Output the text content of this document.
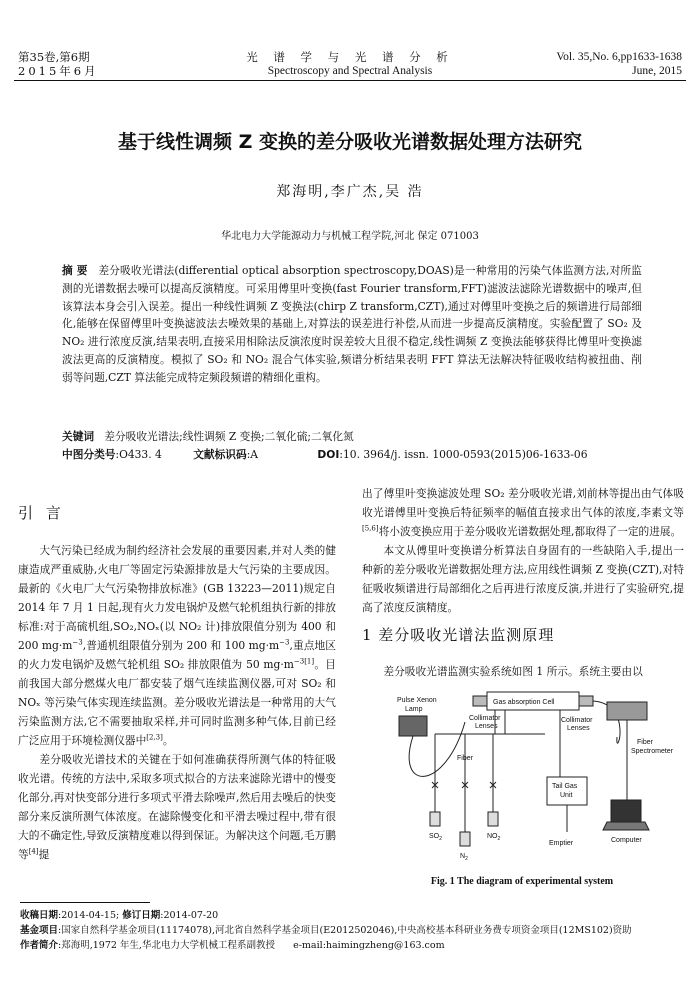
第35卷,第6期
2015年6月
光 谱 学 与 光 谱 分 析
Spectroscopy and Spectral Analysis
Vol. 35,No. 6,pp1633-1638
June, 2015
基于线性调频 Z 变换的差分吸收光谱数据处理方法研究
郑海明,李广杰,吴 浩
华北电力大学能源动力与机械工程学院,河北 保定 071003
摘 要 差分吸收光谱法(differential optical absorption spectroscopy,DOAS)是一种常用的污染气体监测方法,对所监测的光谱数据去噪可以提高反演精度。可采用傅里叶变换(fast Fourier transform,FFT)滤波法滤除光谱数据中的噪声,但该算法本身会引入误差。提出一种线性调频 Z 变换法(chirp Z transform,CZT),通过对傅里叶变换之后的频谱进行局部细化,能够在保留傅里叶变换滤波法去噪效果的基础上,对算法的误差进行补偿,从而进一步提高反演精度。实验配置了 SO₂ 及 NO₂ 进行浓度反演,结果表明,直接采用相除法反演浓度时误差较大且很不稳定,线性调频 Z 变换法能够获得比傅里叶变换滤波法更高的反演精度。模拟了 SO₂ 和 NO₂ 混合气体实验,频谱分析结果表明 FFT 算法无法解决特征吸收结构被扭曲、削弱等问题,CZT 算法能完成特定频段频谱的精细化重构。
关键词 差分吸收光谱法;线性调频 Z 变换;二氧化硫;二氧化氮
中图分类号:O433. 4	文献标识码:A	DOI:10. 3964/j. issn. 1000-0593(2015)06-1633-06
引 言

大气污染已经成为制约经济社会发展的重要因素,并对人类的健康造成严重威胁,火电厂等固定污染源排放是大气污染的主要成因。最新的《火电厂大气污染物排放标准》(GB 13223—2011)规定自 2014 年 7 月 1 日起,现有火力发电锅炉及燃气轮机组执行新的排放标准:对于高硫机组,SO₂,NOₓ(以 NO₂ 计)排放限值分别为 400 和 200 $mg\cdot m^{-3}$,普通机组限值分别为 200 和 100 $mg\cdot m^{-3}$,重点地区的火力发电锅炉及燃气轮机组 SO₂ 排放限值为 50 $mg\cdot m^{-3[1]}$。目前我国大部分燃煤火电厂都安装了烟气连续监测仪器,可对 SO₂ 和 NOₓ 等污染气体实现连续监测。差分吸收光谱法是一种常用的大气污染监测方法,它不需要抽取采样,并可同时监测多种气体,目前已经广泛应用于环境检测仪器中[2,3]。

差分吸收光谱技术的关键在于如何准确获得所测气体的特征吸收光谱。传统的方法中,采取多项式拟合的方法来滤除光谱中的慢变化部分,再对快变部分进行多项式平滑去除噪声,然后用去噪后的快变部分来反演所测气体浓度。在滤除慢变化和平滑去噪过程中,带有很大的不确定性,导致反演精度难以得到保证。为解决这个问题,毛万鹏等[4]提

出了傅里叶变换滤波处理 SO₂ 差分吸收光谱,刘前林等提出由气体吸收光谱傅里叶变换后特征频率的幅值直接求出气体的浓度,李素文等[5,6]将小波变换应用于差分吸收光谱数据处理,都取得了一定的进展。

本文从傅里叶变换谱分析算法自身固有的一些缺陷入手,提出一种新的差分吸收光谱数据处理方法,应用线性调频 Z 变换(CZT),对特征吸收频谱进行局部细化之后再进行浓度反演,并进行了实验研究,提高了浓度反演精度。

1 差分吸收光谱法监测原理

差分吸收光谱监测实验系统如图 1 所示。系统主要由以

Pulse Xenon
Lamp
Gas absorption Cell
Collimator
Lenses
Collimator
Lenses
Fiber
Fiber
Spectrometer
Tail Gas
Unit
$SO_2$
$N_2$
$NO_2$
Emptier	Computer
Fig. 1 The diagram of experimental system
收稿日期:2014-04-15; 修订日期:2014-07-20
基金项目:国家自然科学基金项目(11174078),河北省自然科学基金项目(E2012502046),中央高校基本科研业务费专项资金项目(12MS102)资助
作者简介:郑海明,1972 年生,华北电力大学机械工程系副教授 e-mail:haimingzheng@163.com
